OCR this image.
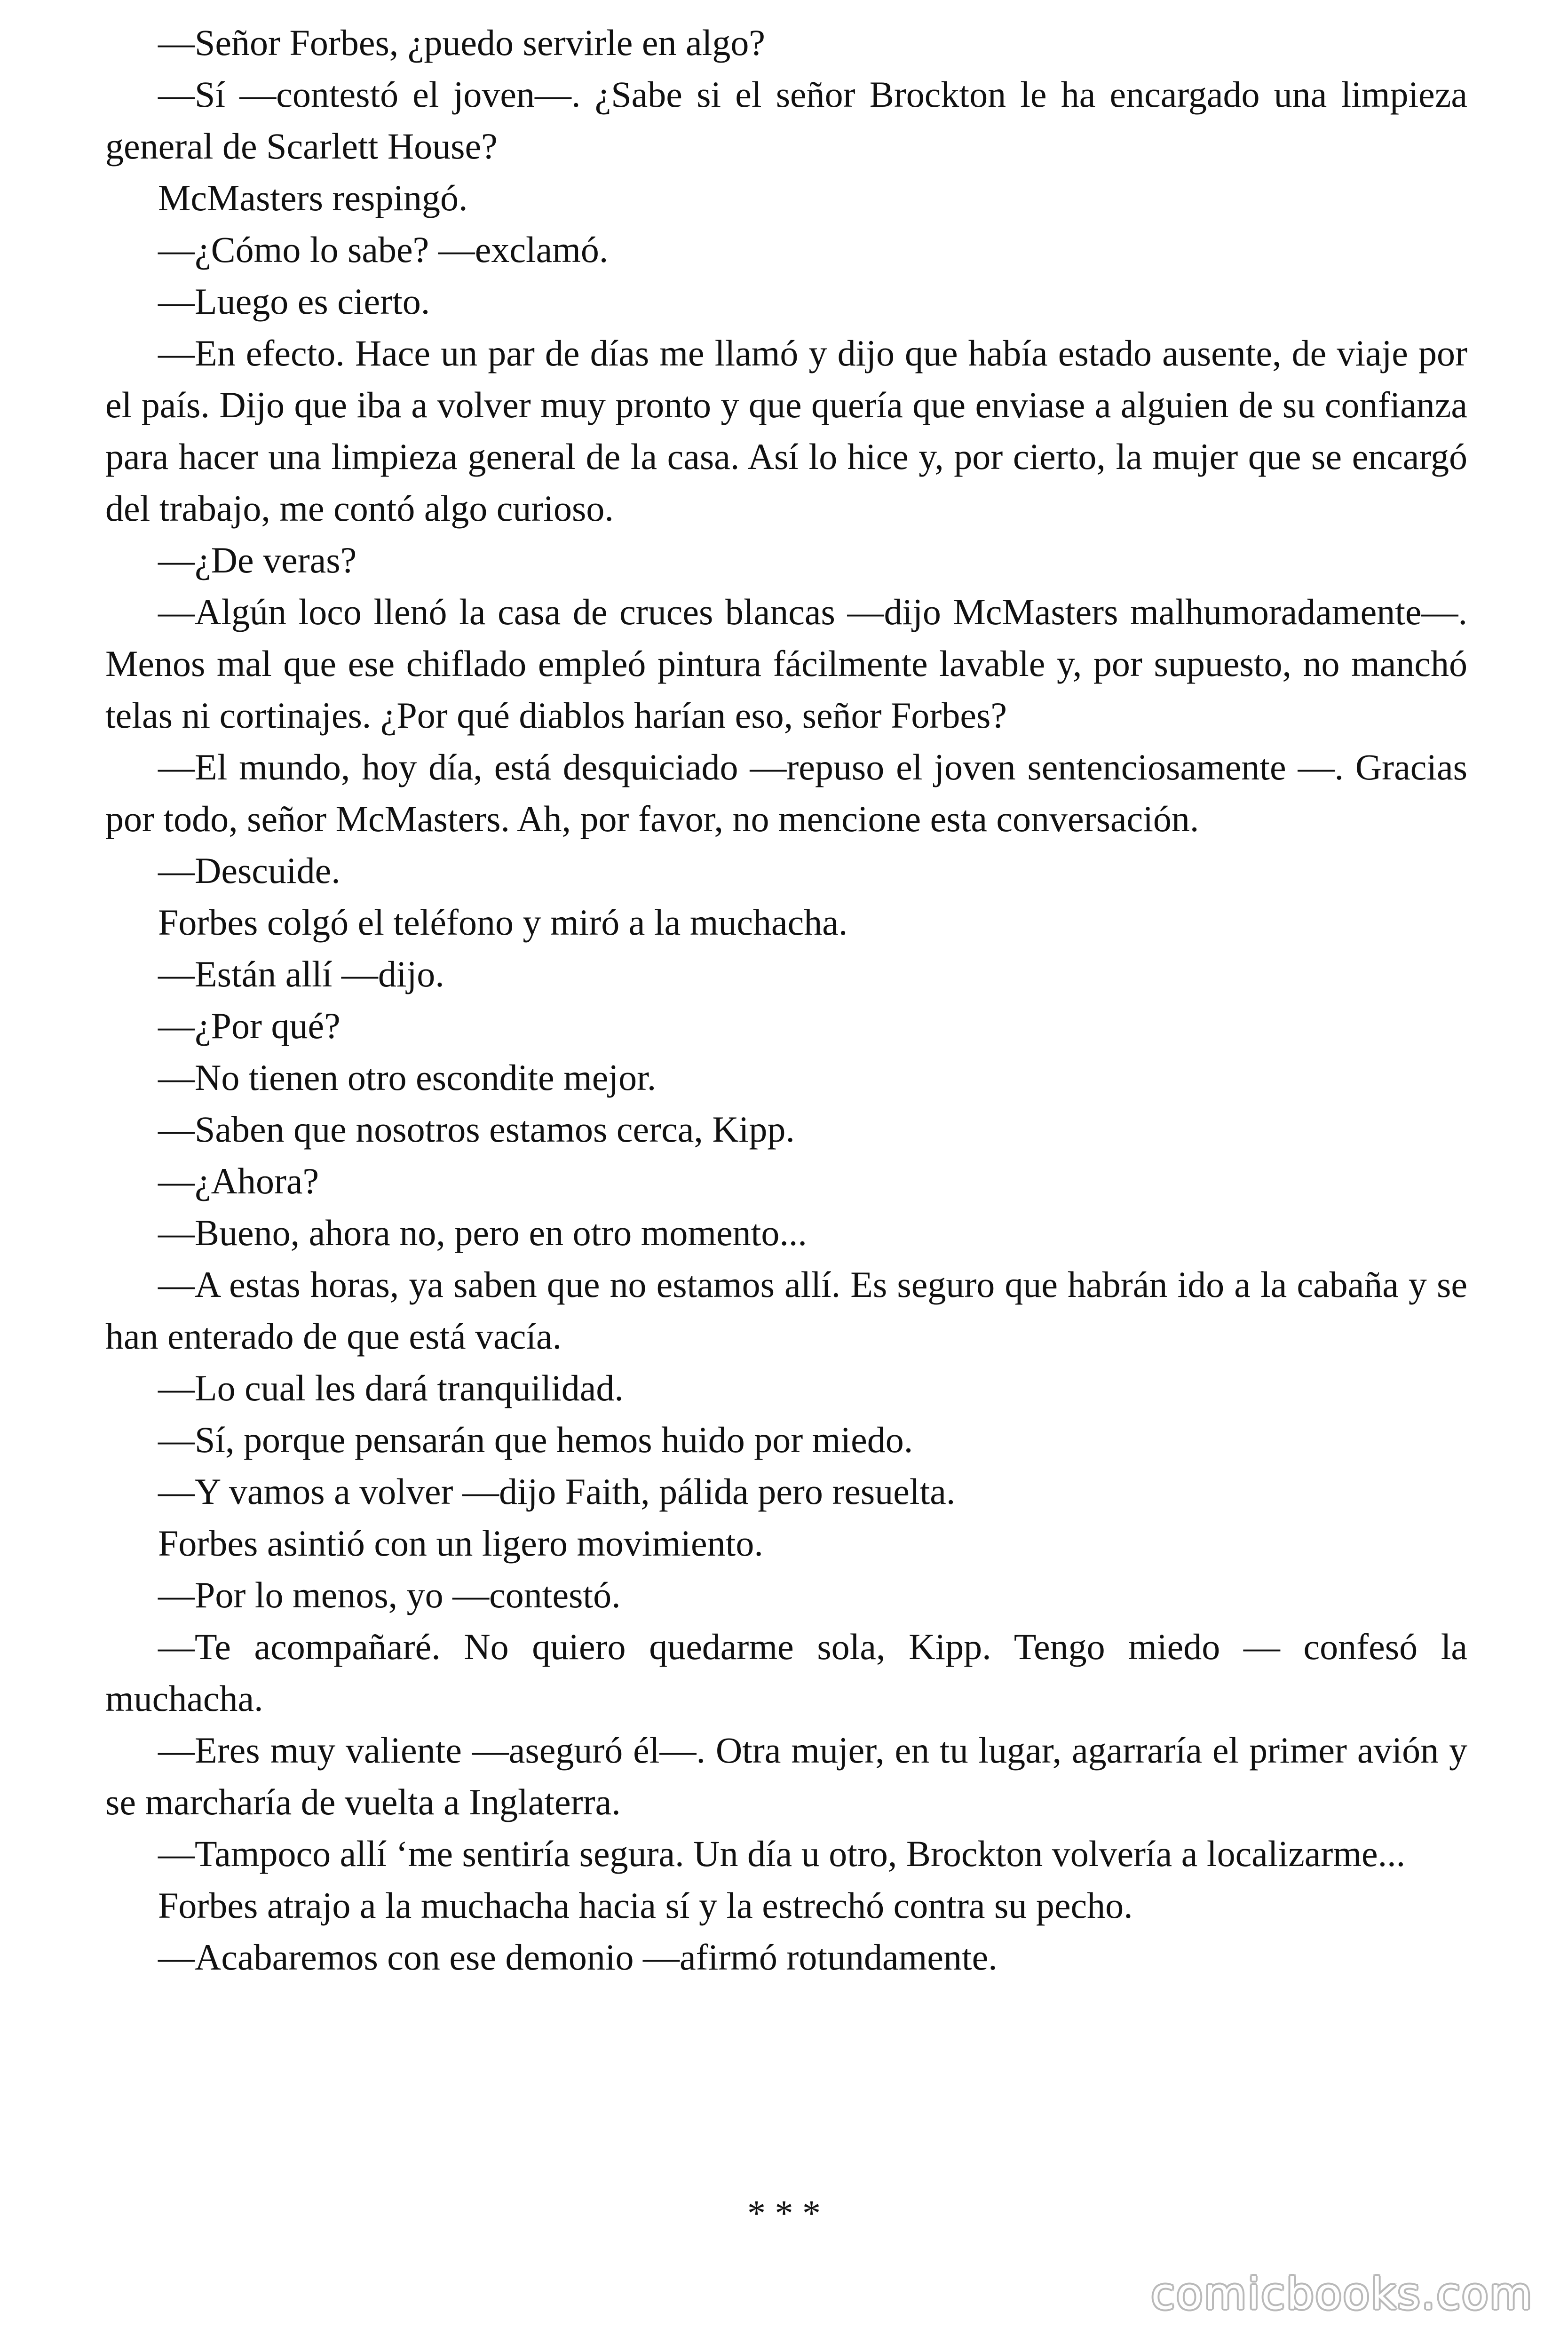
—Señor Forbes, ¿puedo servirle en algo?

—Sí —contestó el joven—. ¿Sabe si el señor Brockton le ha encargado una limpieza general de Scarlett House?

McMasters respingó.

—¿Cómo lo sabe? —exclamó.

—Luego es cierto.

—En efecto. Hace un par de días me llamó y dijo que había estado ausente, de viaje por el país. Dijo que iba a volver muy pronto y que quería que enviase a alguien de su confianza para hacer una limpieza general de la casa. Así lo hice y, por cierto, la mujer que se encargó del trabajo, me contó algo curioso.

—¿De veras?

—Algún loco llenó la casa de cruces blancas —dijo McMasters malhumoradamente—. Menos mal que ese chiflado empleó pintura fácilmente lavable y, por supuesto, no manchó telas ni cortinajes. ¿Por qué diablos harían eso, señor Forbes?

—El mundo, hoy día, está desquiciado —repuso el joven sentenciosamente —. Gracias por todo, señor McMasters. Ah, por favor, no mencione esta conversación.

—Descuide.

Forbes colgó el teléfono y miró a la muchacha.

—Están allí —dijo.

—¿Por qué?

—No tienen otro escondite mejor.

—Saben que nosotros estamos cerca, Kipp.

—¿Ahora?

—Bueno, ahora no, pero en otro momento...

—A estas horas, ya saben que no estamos allí. Es seguro que habrán ido a la cabaña y se han enterado de que está vacía.

—Lo cual les dará tranquilidad.

—Sí, porque pensarán que hemos huido por miedo.

—Y vamos a volver —dijo Faith, pálida pero resuelta.

Forbes asintió con un ligero movimiento.

—Por lo menos, yo —contestó.

—Te acompañaré. No quiero quedarme sola, Kipp. Tengo miedo — confesó la muchacha.

—Eres muy valiente —aseguró él—. Otra mujer, en tu lugar, agarraría el primer avión y se marcharía de vuelta a Inglaterra.

—Tampoco allí ‘me sentiría segura. Un día u otro, Brockton volvería a localizarme...

Forbes atrajo a la muchacha hacia sí y la estrechó contra su pecho.

—Acabaremos con ese demonio —afirmó rotundamente.

* * *
comicbooks.com
